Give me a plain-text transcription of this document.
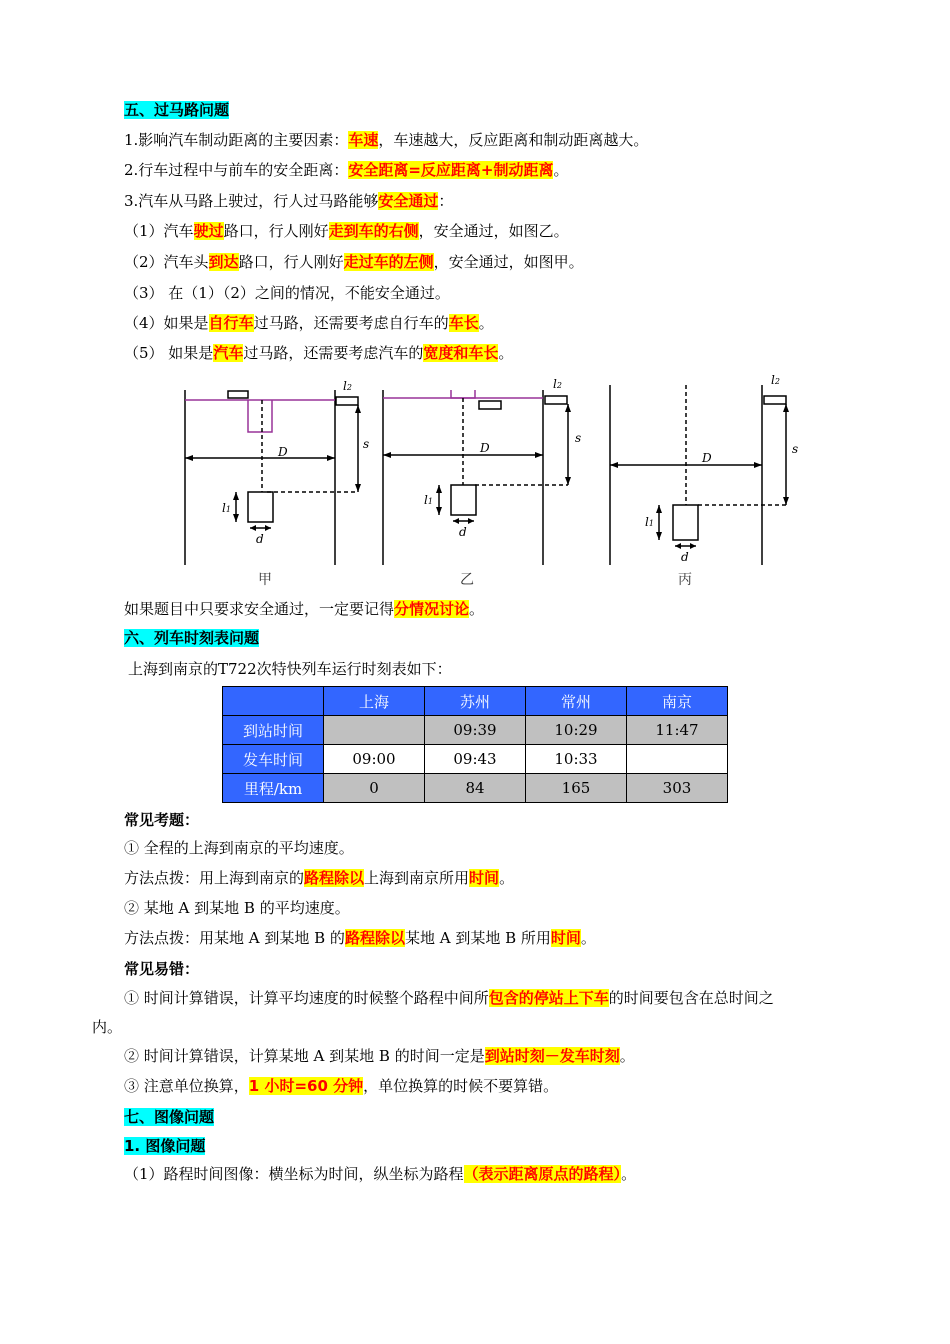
五、过马路问题
1.影响汽车制动距离的主要因素：车速，车速越大，反应距离和制动距离越大。
2.行车过程中与前车的安全距离：安全距离=反应距离+制动距离。
3.汽车从马路上驶过，行人过马路能够安全通过：
（1）汽车驶过路口，行人刚好走到车的右侧，安全通过，如图乙。
（2）汽车头到达路口，行人刚好走过车的左侧，安全通过，如图甲。
（3） 在（1）（2）之间的情况，不能安全通过。
（4）如果是自行车过马路，还需要考虑自行车的车长。
（5） 如果是汽车过马路，还需要考虑汽车的宽度和车长。
D
s
l2
l1
d
D
s
l2
l1
d
D
s
l2
l1
d
甲	乙	丙
如果题目中只要求安全通过，一定要记得分情况讨论。
六、列车时刻表问题
上海到南京的T722次特快列车运行时刻表如下：
	上海	苏州	常州	南京
到站时间		09:39	10:29	11:47
发车时间	09:00	09:43	10:33	
里程/km	0	84	165	303
常见考题：
① 全程的上海到南京的平均速度。
方法点拨：用上海到南京的路程除以上海到南京所用时间。
② 某地 A 到某地 B 的平均速度。
方法点拨：用某地 A 到某地 B 的路程除以某地 A 到某地 B 所用时间。
常见易错：
① 时间计算错误，计算平均速度的时候整个路程中间所包含的停站上下车的时间要包含在总时间之
内。
② 时间计算错误，计算某地 A 到某地 B 的时间一定是到站时刻－发车时刻。
③ 注意单位换算，1 小时=60 分钟，单位换算的时候不要算错。
七、图像问题
1. 图像问题
（1）路程时间图像：横坐标为时间，纵坐标为路程（表示距离原点的路程）。
